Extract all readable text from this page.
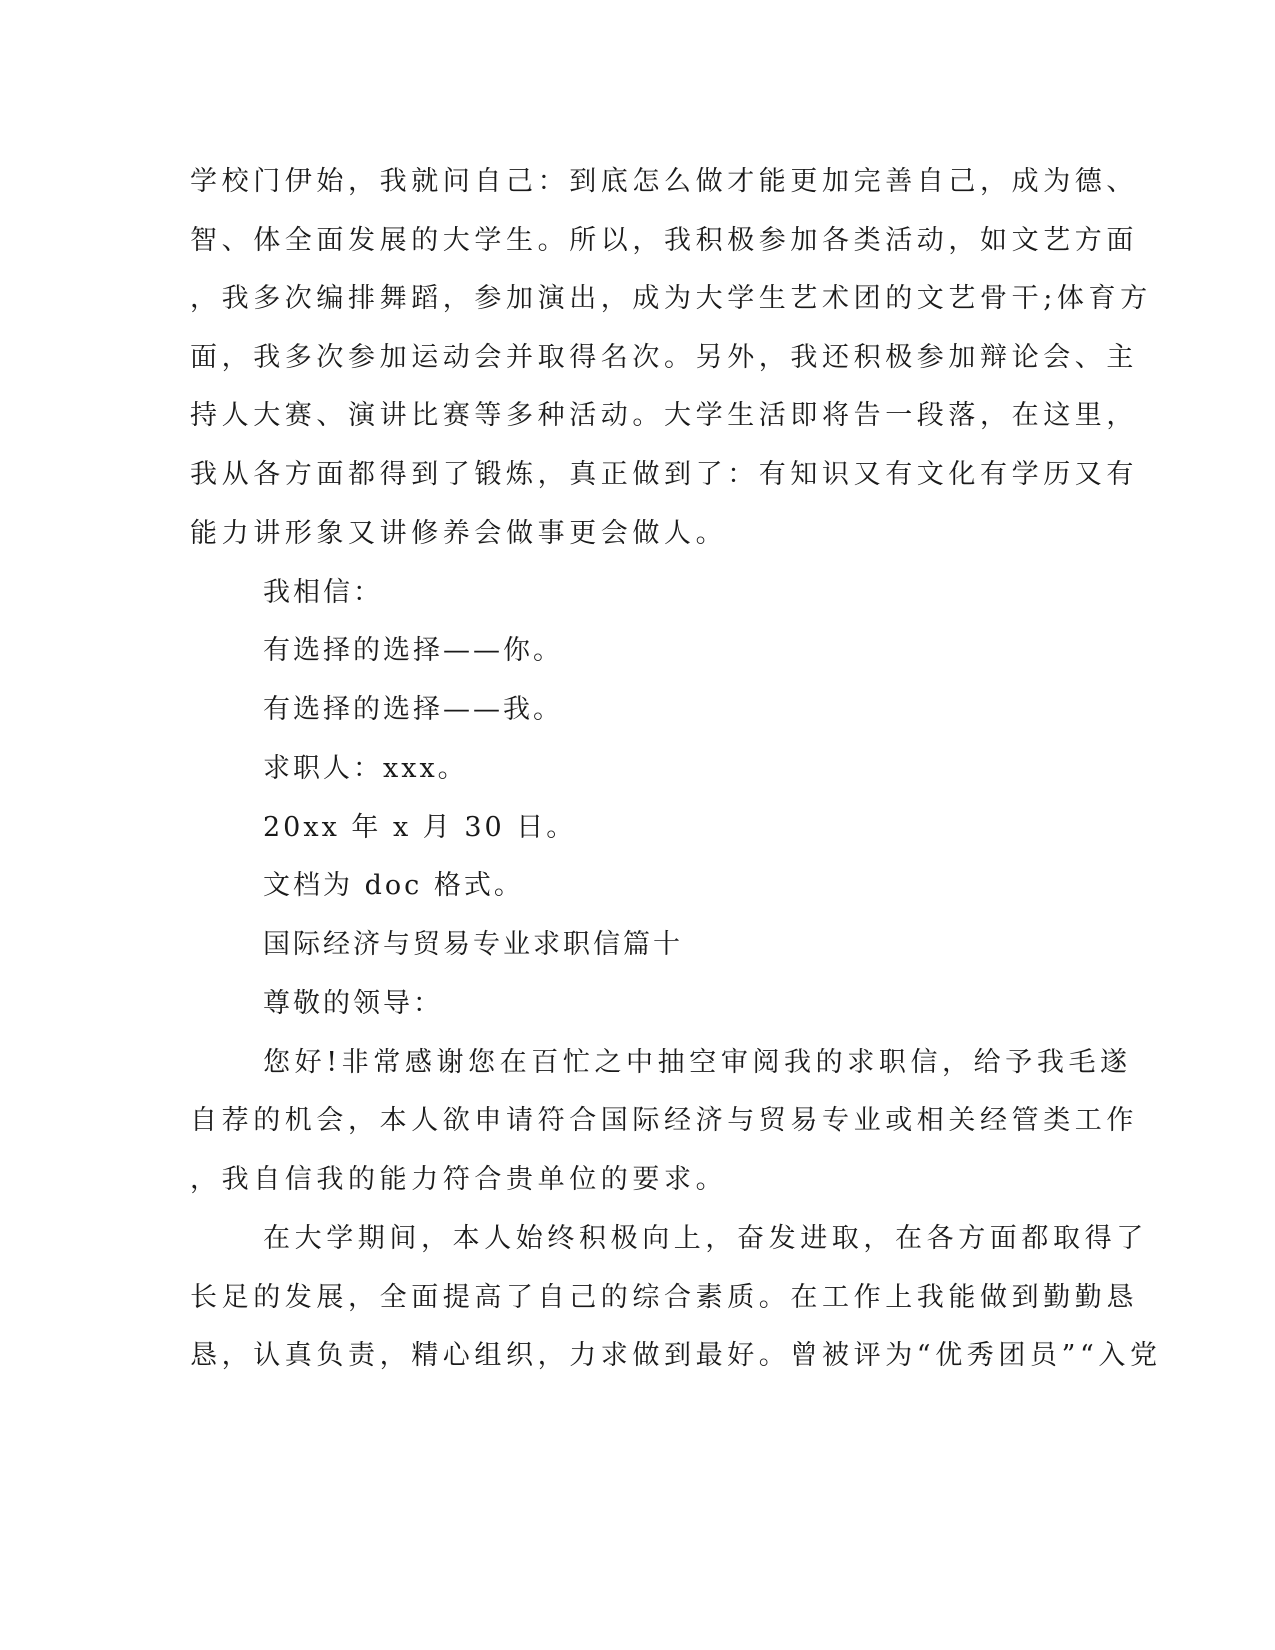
学校门伊始，我就问自己：到底怎么做才能更加完善自己，成为德、
智、体全面发展的大学生。所以，我积极参加各类活动，如文艺方面
，我多次编排舞蹈，参加演出，成为大学生艺术团的文艺骨干;体育方
面，我多次参加运动会并取得名次。另外，我还积极参加辩论会、主
持人大赛、演讲比赛等多种活动。大学生活即将告一段落，在这里，
我从各方面都得到了锻炼，真正做到了：有知识又有文化有学历又有
能力讲形象又讲修养会做事更会做人。
我相信：
有选择的选择——你。
有选择的选择——我。
求职人：xxx。
20xx 年 x 月 30 日。
文档为 doc 格式。
国际经济与贸易专业求职信篇十
尊敬的领导：
您好!非常感谢您在百忙之中抽空审阅我的求职信，给予我毛遂
自荐的机会，本人欲申请符合国际经济与贸易专业或相关经管类工作
，我自信我的能力符合贵单位的要求。
在大学期间，本人始终积极向上，奋发进取，在各方面都取得了
长足的发展，全面提高了自己的综合素质。在工作上我能做到勤勤恳
恳，认真负责，精心组织，力求做到最好。曾被评为“优秀团员”“入党
